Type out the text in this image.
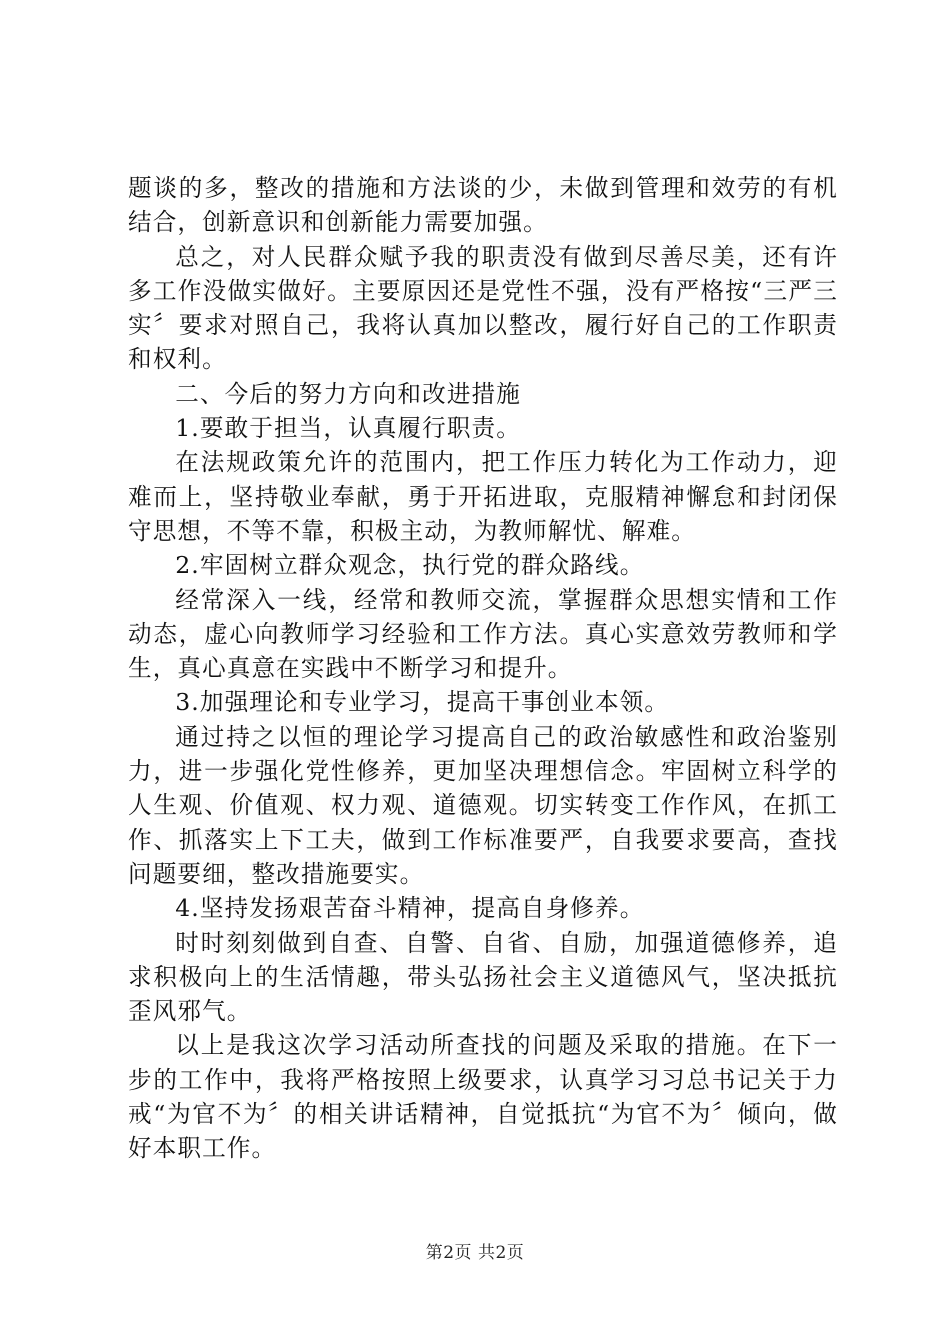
题谈的多，整改的措施和方法谈的少，未做到管理和效劳的有机结合，创新意识和创新能力需要加强。

总之，对人民群众赋予我的职责没有做到尽善尽美，还有许多工作没做实做好。主要原因还是党性不强，没有严格按“三严三实〞要求对照自己，我将认真加以整改，履行好自己的工作职责和权利。

二、今后的努力方向和改进措施

1.要敢于担当，认真履行职责。

在法规政策允许的范围内，把工作压力转化为工作动力，迎难而上，坚持敬业奉献，勇于开拓进取，克服精神懈怠和封闭保守思想，不等不靠，积极主动，为教师解忧、解难。

2.牢固树立群众观念，执行党的群众路线。

经常深入一线，经常和教师交流，掌握群众思想实情和工作动态，虚心向教师学习经验和工作方法。真心实意效劳教师和学生，真心真意在实践中不断学习和提升。

3.加强理论和专业学习，提高干事创业本领。

通过持之以恒的理论学习提高自己的政治敏感性和政治鉴别力，进一步强化党性修养，更加坚决理想信念。牢固树立科学的人生观、价值观、权力观、道德观。切实转变工作作风，在抓工作、抓落实上下工夫，做到工作标准要严，自我要求要高，查找问题要细，整改措施要实。

4.坚持发扬艰苦奋斗精神，提高自身修养。

时时刻刻做到自查、自警、自省、自励，加强道德修养，追求积极向上的生活情趣，带头弘扬社会主义道德风气，坚决抵抗歪风邪气。

以上是我这次学习活动所查找的问题及采取的措施。在下一步的工作中，我将严格按照上级要求，认真学习习总书记关于力戒“为官不为〞的相关讲话精神，自觉抵抗“为官不为〞倾向，做好本职工作。

第2页 共2页
